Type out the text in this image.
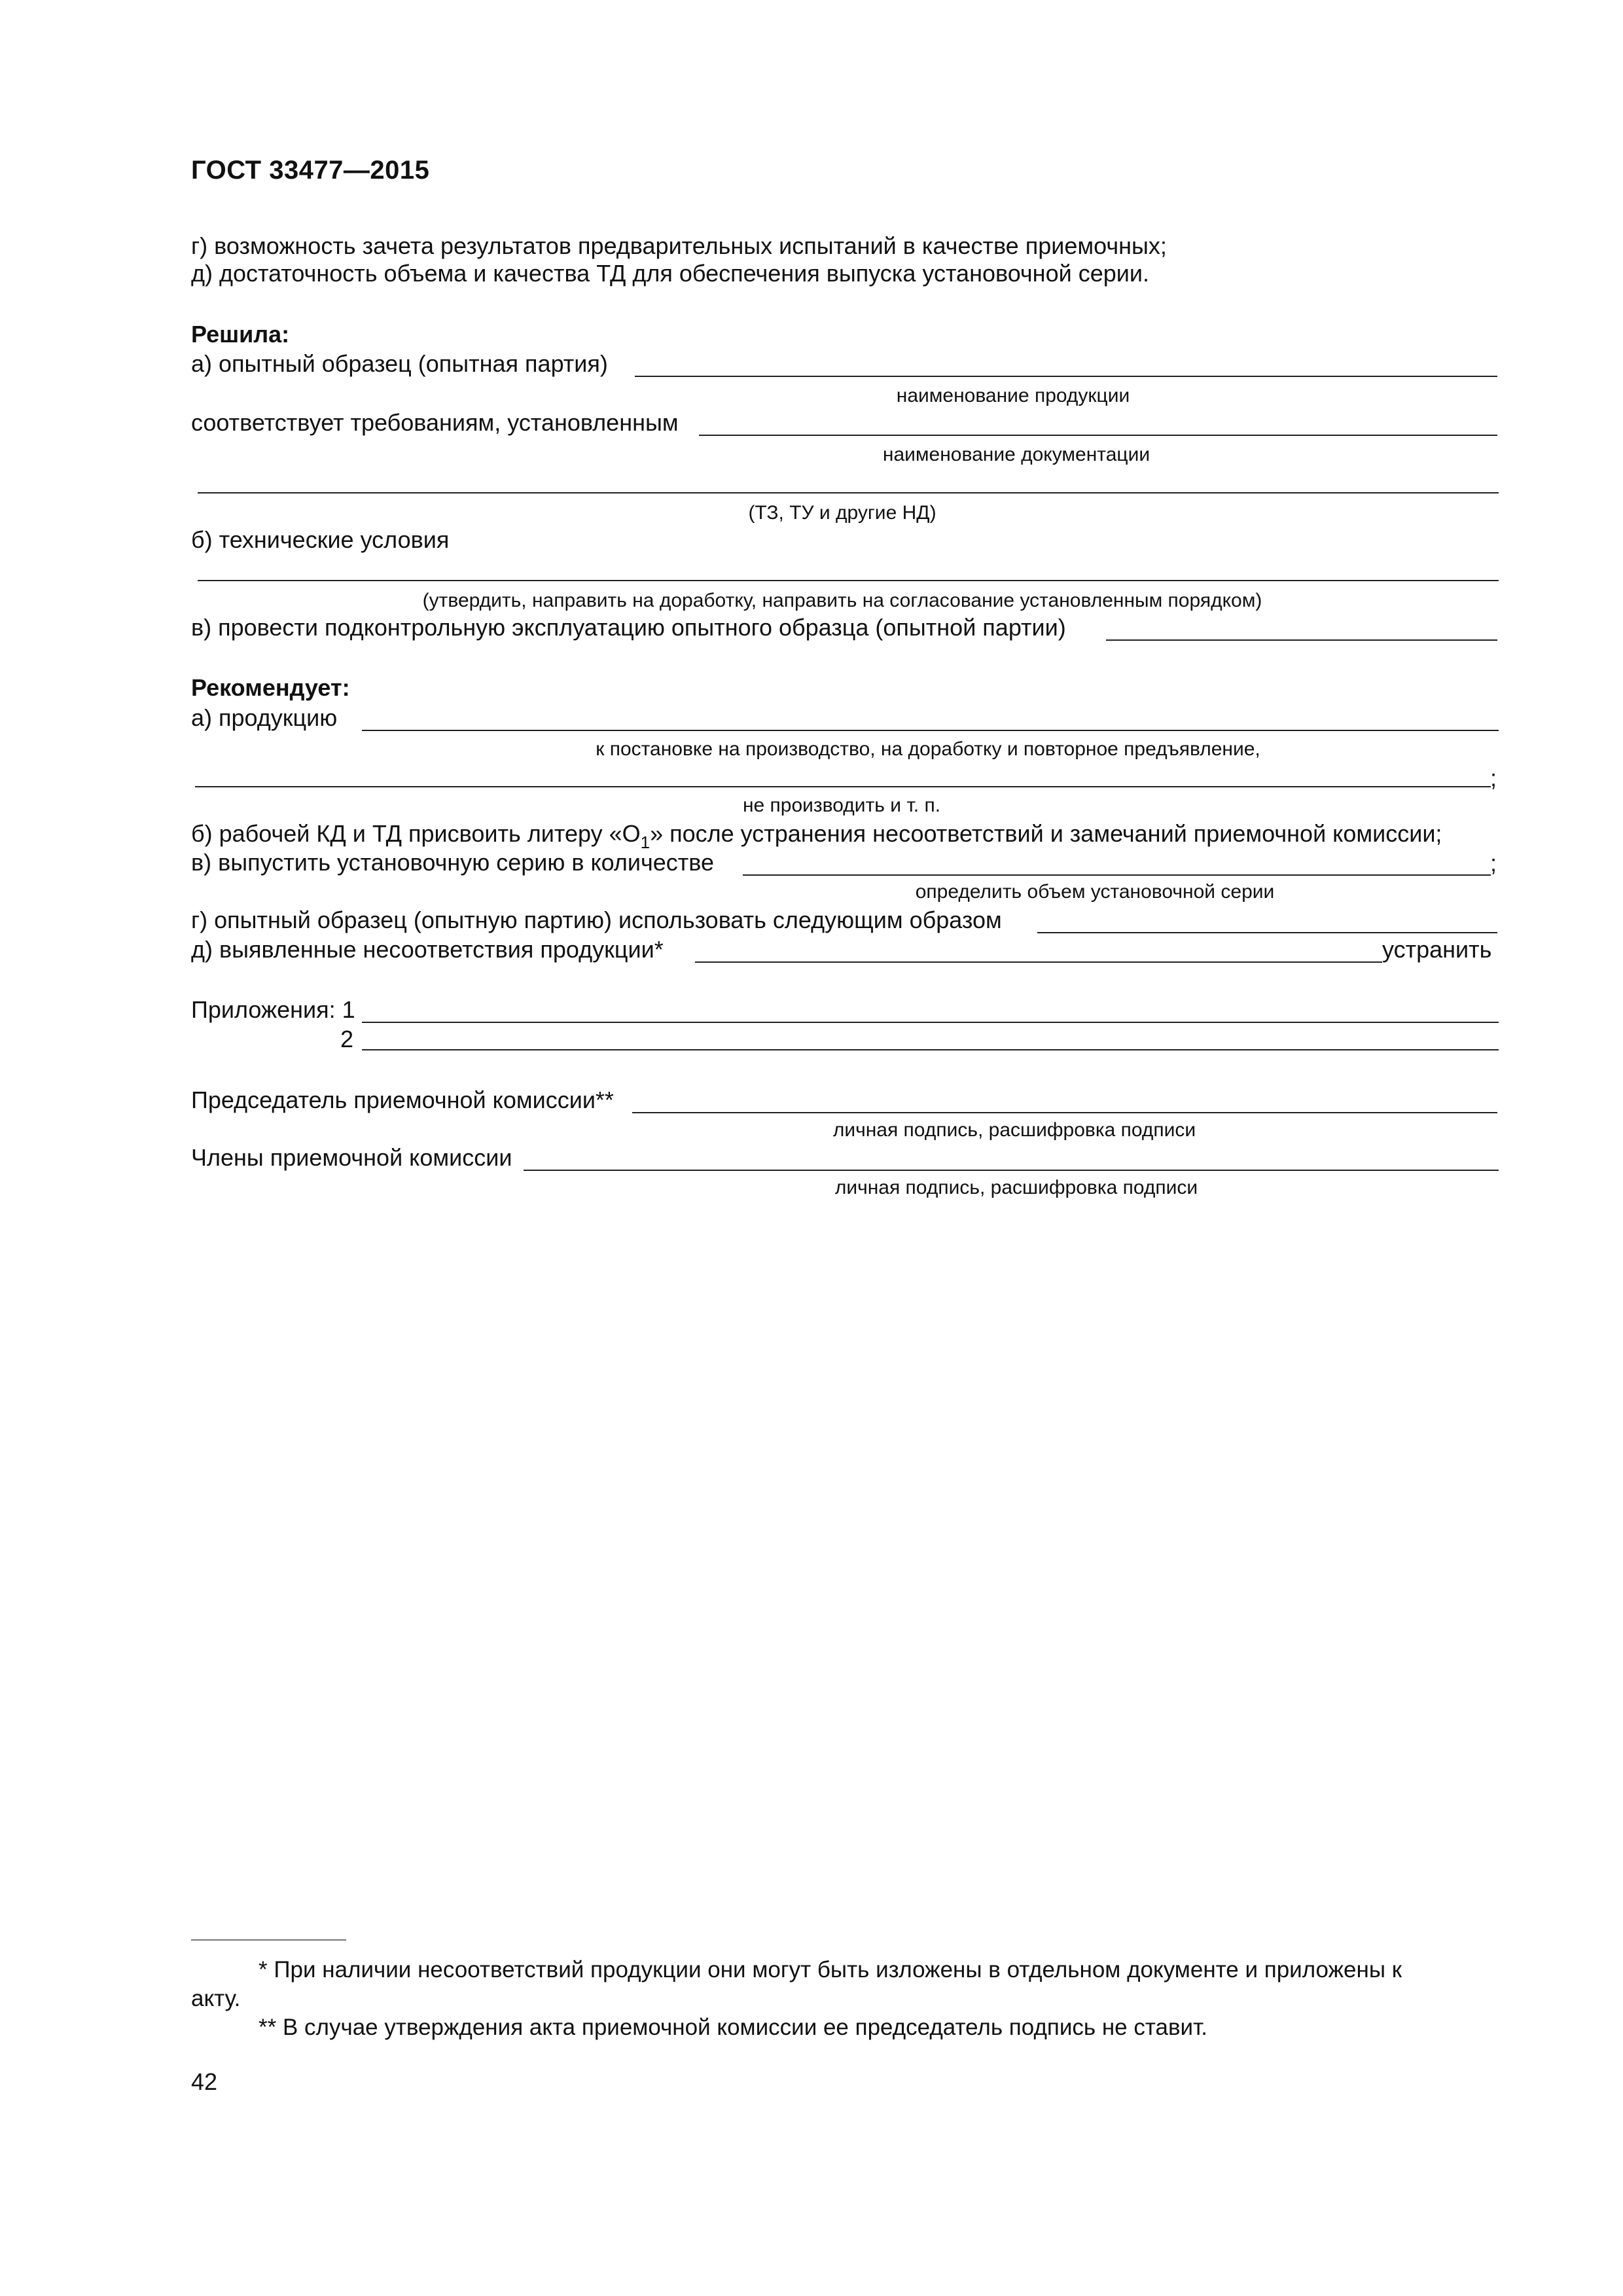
ГОСТ 33477—2015
г) возможность зачета результатов предварительных испытаний в качестве приемочных;
д) достаточность объема и качества ТД для обеспечения выпуска установочной серии.
Решила:
а) опытный образец (опытная партия)
наименование продукции
соответствует требованиям, установленным
наименование документации
(ТЗ, ТУ и другие НД)
б) технические условия
(утвердить, направить на доработку, направить на согласование установленным порядком)
в) провести подконтрольную эксплуатацию опытного образца (опытной партии)
Рекомендует:
а) продукцию
к постановке на производство, на доработку и повторное предъявление,
;
не производить и т. п.
б) рабочей КД и ТД присвоить литеру «$О_1$» после устранения несоответствий и замечаний приемочной комиссии;
в) выпустить установочную серию в количестве	;
определить объем установочной серии
г) опытный образец (опытную партию) использовать следующим образом
д) выявленные несоответствия продукции*	устранить
Приложения: 1
2
Председатель приемочной комиссии**
личная подпись, расшифровка подписи
Члены приемочной комиссии
личная подпись, расшифровка подписи
* При наличии несоответствий продукции они могут быть изложены в отдельном документе и приложены к
акту.
** В случае утверждения акта приемочной комиссии ее председатель подпись не ставит.
42
